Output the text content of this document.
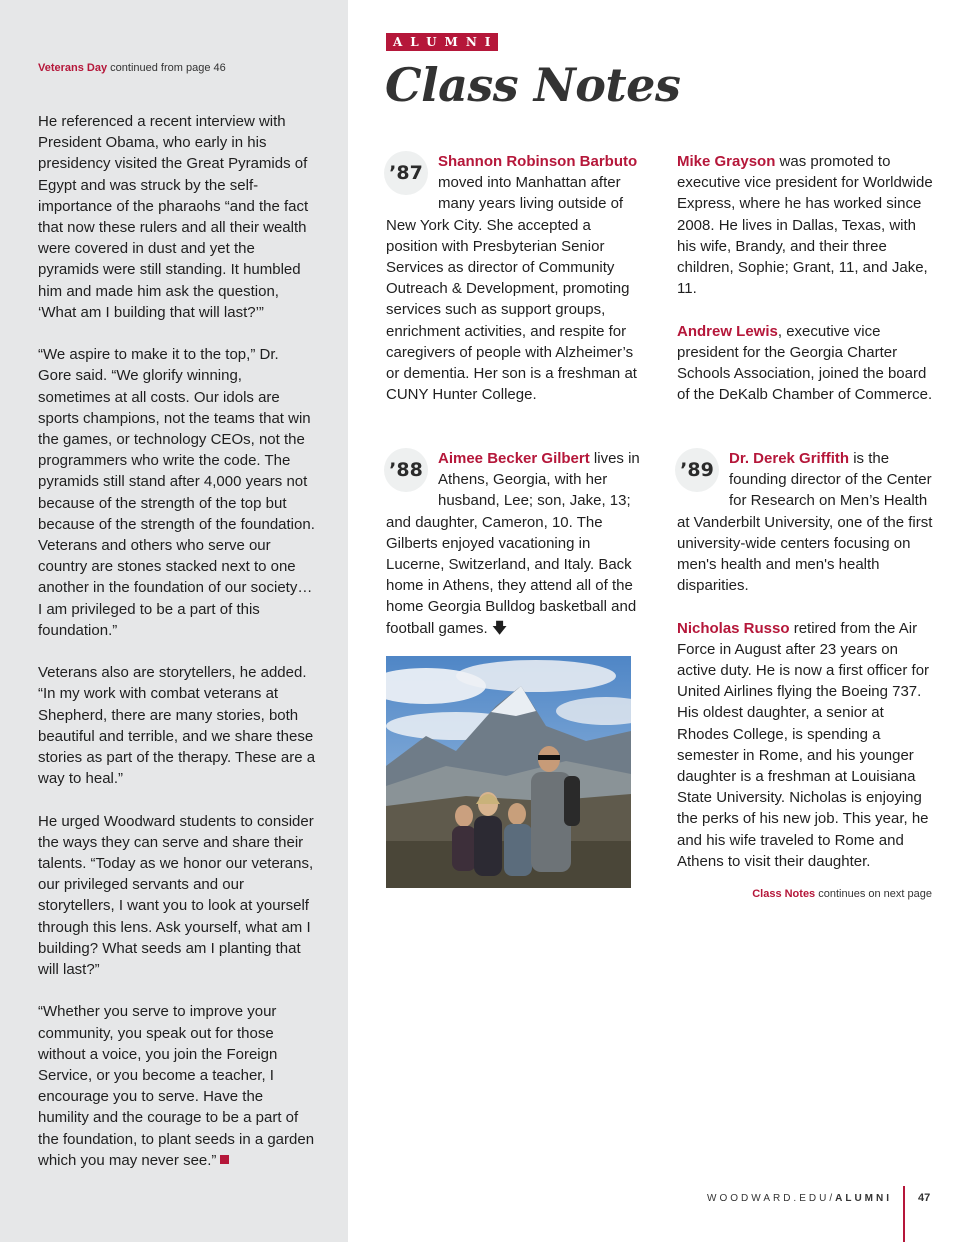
Veterans Day continued from page 46

He referenced a recent interview with President Obama, who early in his presidency visited the Great Pyramids of Egypt and was struck by the self-importance of the pharaohs “and the fact that now these rulers and all their wealth were covered in dust and yet the pyramids were still standing. It humbled him and made him ask the question, ‘What am I building that will last?’”

“We aspire to make it to the top,” Dr. Gore said. “We glorify winning, sometimes at all costs. Our idols are sports champions, not the teams that win the games, or technology CEOs, not the programmers who write the code. The pyramids still stand after 4,000 years not because of the strength of the top but because of the strength of the foundation. Veterans and others who serve our country are stones stacked next to one another in the foundation of our society… I am privileged to be a part of this foundation.”

Veterans also are storytellers, he added. “In my work with combat veterans at Shepherd, there are many stories, both beautiful and terrible, and we share these stories as part of the therapy. These are a way to heal.”

He urged Woodward students to consider the ways they can serve and share their talents. “Today as we honor our veterans, our privileged servants and our storytellers, I want you to look at yourself through this lens. Ask yourself, what am I building? What seeds am I planting that will last?”

“Whether you serve to improve your community, you speak out for those without a voice, you join the Foreign Service, or you become a teacher, I encourage you to serve. Have the humility and the courage to be a part of the foundation, to plant seeds in a garden which you may never see.”

ALUMNI
Class Notes
’87
Shannon Robinson Barbuto moved into Manhattan after many years living outside of New York City. She accepted a position with Presbyterian Senior Services as director of Community Outreach & Development, promoting services such as support groups, enrichment activities, and respite for caregivers of people with Alzheimer’s or dementia. Her son is a freshman at CUNY Hunter College.

Mike Grayson was promoted to executive vice president for Worldwide Express, where he has worked since 2008. He lives in Dallas, Texas, with his wife, Brandy, and their three children, Sophie; Grant, 11, and Jake, 11.

Andrew Lewis, executive vice president for the Georgia Charter Schools Association, joined the board of the DeKalb Chamber of Commerce.

’88
Aimee Becker Gilbert lives in Athens, Georgia, with her husband, Lee; son, Jake, 13; and daughter, Cameron, 10. The Gilberts enjoyed vacationing in Lucerne, Switzerland, and Italy. Back home in Athens, they attend all of the home Georgia Bulldog basketball and football games. 🡇

’89
Dr. Derek Griffith is the founding director of the Center for Research on Men’s Health at Vanderbilt University, one of the first university-wide centers focusing on men's health and men's health disparities.

Nicholas Russo retired from the Air Force in August after 23 years on active duty. He is now a first officer for United Airlines flying the Boeing 737. His oldest daughter, a senior at Rhodes College, is spending a semester in Rome, and his younger daughter is a freshman at Louisiana State University. Nicholas is enjoying the perks of his new job. This year, he and his wife traveled to Rome and Athens to visit their daughter.

Class Notes continues on next page
WOODWARD.EDU/ALUMNI 47
